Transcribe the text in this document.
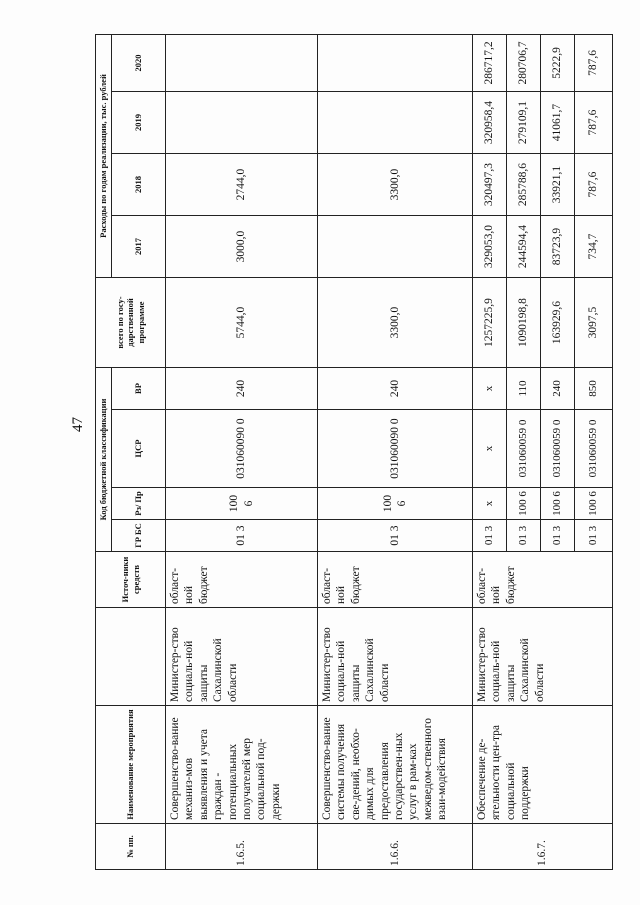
47
№ пп.	Наименование мероприятия		Источ-ники средств	Код бюджетной классификации				всего по госу-дарственной программе	Расходы по годам реализации, тыс. рублей			
				ГР БС	Рз/ Пр	ЦСР	ВР		2017	2018	2019	2020
1.6.5.	Совершенство-вание механиз-мов выявления и учета граждан - потенциальных получателей мер социальной под-держки	Министер-ство социаль-ной защиты Сахалинской области	област-ной бюджет	01 3	100 6	031060090 0	240	5744,0	3000,0	2744,0		
1.6.6.	Совершенство-вание системы получения све-дений, необхо-димых для предоставления государствен-ных услуг в рам-ках межведом-ственного взаи-модействия	Министер-ство социаль-ной защиты Сахалинской области	област-ной бюджет	01 3	100 6	031060090 0	240	3300,0		3300,0		
1.6.7.	Обеспечение де-ятельности цен-тра социальной поддержки	Министер-ство социаль-ной защиты Сахалинской области	област-ной бюджет	01 3	х	х	х	1257225,9	329053,0	320497,3	320958,4	286717,2
				01 3	100 6	031060059 0	110	1090198,8	244594,4	285788,6	279109,1	280706,7
				01 3	100 6	031060059 0	240	163929,6	83723,9	33921,1	41061,7	5222,9
				01 3	100 6	031060059 0	850	3097,5	734,7	787,6	787,6	787,6
